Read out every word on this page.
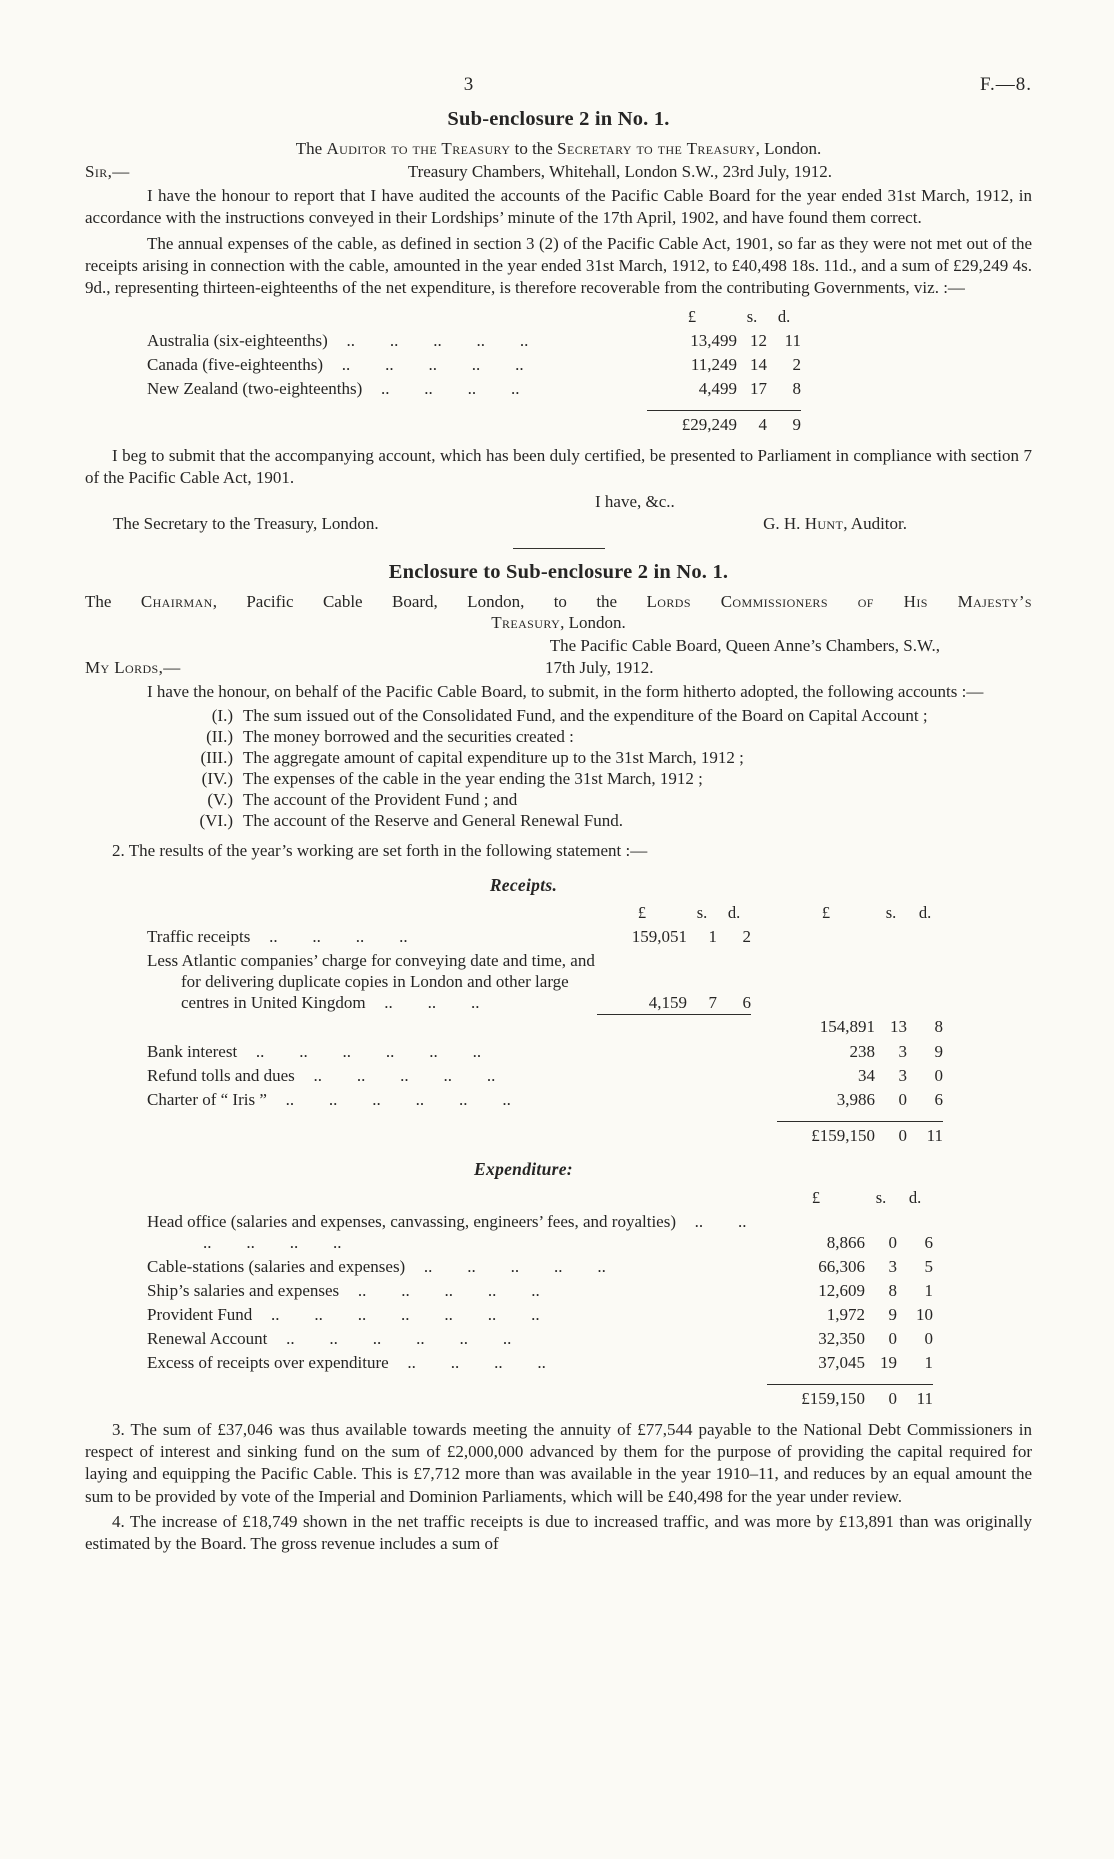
3	F.—8.
Sub-enclosure 2 in No. 1.

The Auditor to the Treasury to the Secretary to the Treasury, London.

Sir,—	Treasury Chambers, Whitehall, London S.W., 23rd July, 1912.

I have the honour to report that I have audited the accounts of the Pacific Cable Board for the year ended 31st March, 1912, in accordance with the instructions conveyed in their Lordships’ minute of the 17th April, 1902, and have found them correct.

The annual expenses of the cable, as defined in section 3 (2) of the Pacific Cable Act, 1901, so far as they were not met out of the receipts arising in connection with the cable, amounted in the year ended 31st March, 1912, to £40,498 18s. 11d., and a sum of £29,249 4s. 9d., representing thirteen-eighteenths of the net expenditure, is therefore recoverable from the contributing Governments, viz. :—

	£	s.	d.
Australia (six-eighteenths) .. .. .. .. ..	13,499	12	11
Canada (five-eighteenths) .. .. .. .. ..	11,249	14	2
New Zealand (two-eighteenths) .. .. .. ..	4,499	17	8

	£29,249	4	9

I beg to submit that the accompanying account, which has been duly certified, be presented to Parliament in compliance with section 7 of the Pacific Cable Act, 1901.

I have, &c..
The Secretary to the Treasury, London.	G. H. Hunt, Auditor.
Enclosure to Sub-enclosure 2 in No. 1.

The Chairman, Pacific Cable Board, London, to the Lords Commissioners of His Majesty’s

Treasury, London.

The Pacific Cable Board, Queen Anne’s Chambers, S.W.,

My Lords,—	17th July, 1912.

I have the honour, on behalf of the Pacific Cable Board, to submit, in the form hitherto adopted, the following accounts :—

(I.) The sum issued out of the Consolidated Fund, and the expenditure of the Board on Capital Account ;
(II.) The money borrowed and the securities created :
(III.) The aggregate amount of capital expenditure up to the 31st March, 1912 ;
(IV.) The expenses of the cable in the year ending the 31st March, 1912 ;
(V.) The account of the Provident Fund ; and
(VI.) The account of the Reserve and General Renewal Fund.

2. The results of the year’s working are set forth in the following statement :—

Receipts.
	£	s.	d.		£	s.	d.
Traffic receipts .. .. .. ..	159,051	1	2				
Less Atlantic companies’ charge for conveying date and time, and for delivering duplicate copies in London and other large centres in United Kingdom .. .. ..	4,159	7	6				
					154,891	13	8
Bank interest .. .. .. .. .. ..					238	3	9
Refund tolls and dues .. .. .. .. ..					34	3	0
Charter of “ Iris ” .. .. .. .. .. ..					3,986	0	6

					£159,150	0	11
Expenditure:
	£	s.	d.
Head office (salaries and expenses, canvassing, engineers’ fees, and royalties) .. .. .. .. .. ..	8,866	0	6
Cable-stations (salaries and expenses) .. .. .. .. ..	66,306	3	5
Ship’s salaries and expenses .. .. .. .. ..	12,609	8	1
Provident Fund .. .. .. .. .. .. ..	1,972	9	10
Renewal Account .. .. .. .. .. ..	32,350	0	0
Excess of receipts over expenditure .. .. .. ..	37,045	19	1

	£159,150	0	11

3. The sum of £37,046 was thus available towards meeting the annuity of £77,544 payable to the National Debt Commissioners in respect of interest and sinking fund on the sum of £2,000,000 advanced by them for the purpose of providing the capital required for laying and equipping the Pacific Cable. This is £7,712 more than was available in the year 1910–11, and reduces by an equal amount the sum to be provided by vote of the Imperial and Dominion Parliaments, which will be £40,498 for the year under review.

4. The increase of £18,749 shown in the net traffic receipts is due to increased traffic, and was more by £13,891 than was originally estimated by the Board. The gross revenue includes a sum of
